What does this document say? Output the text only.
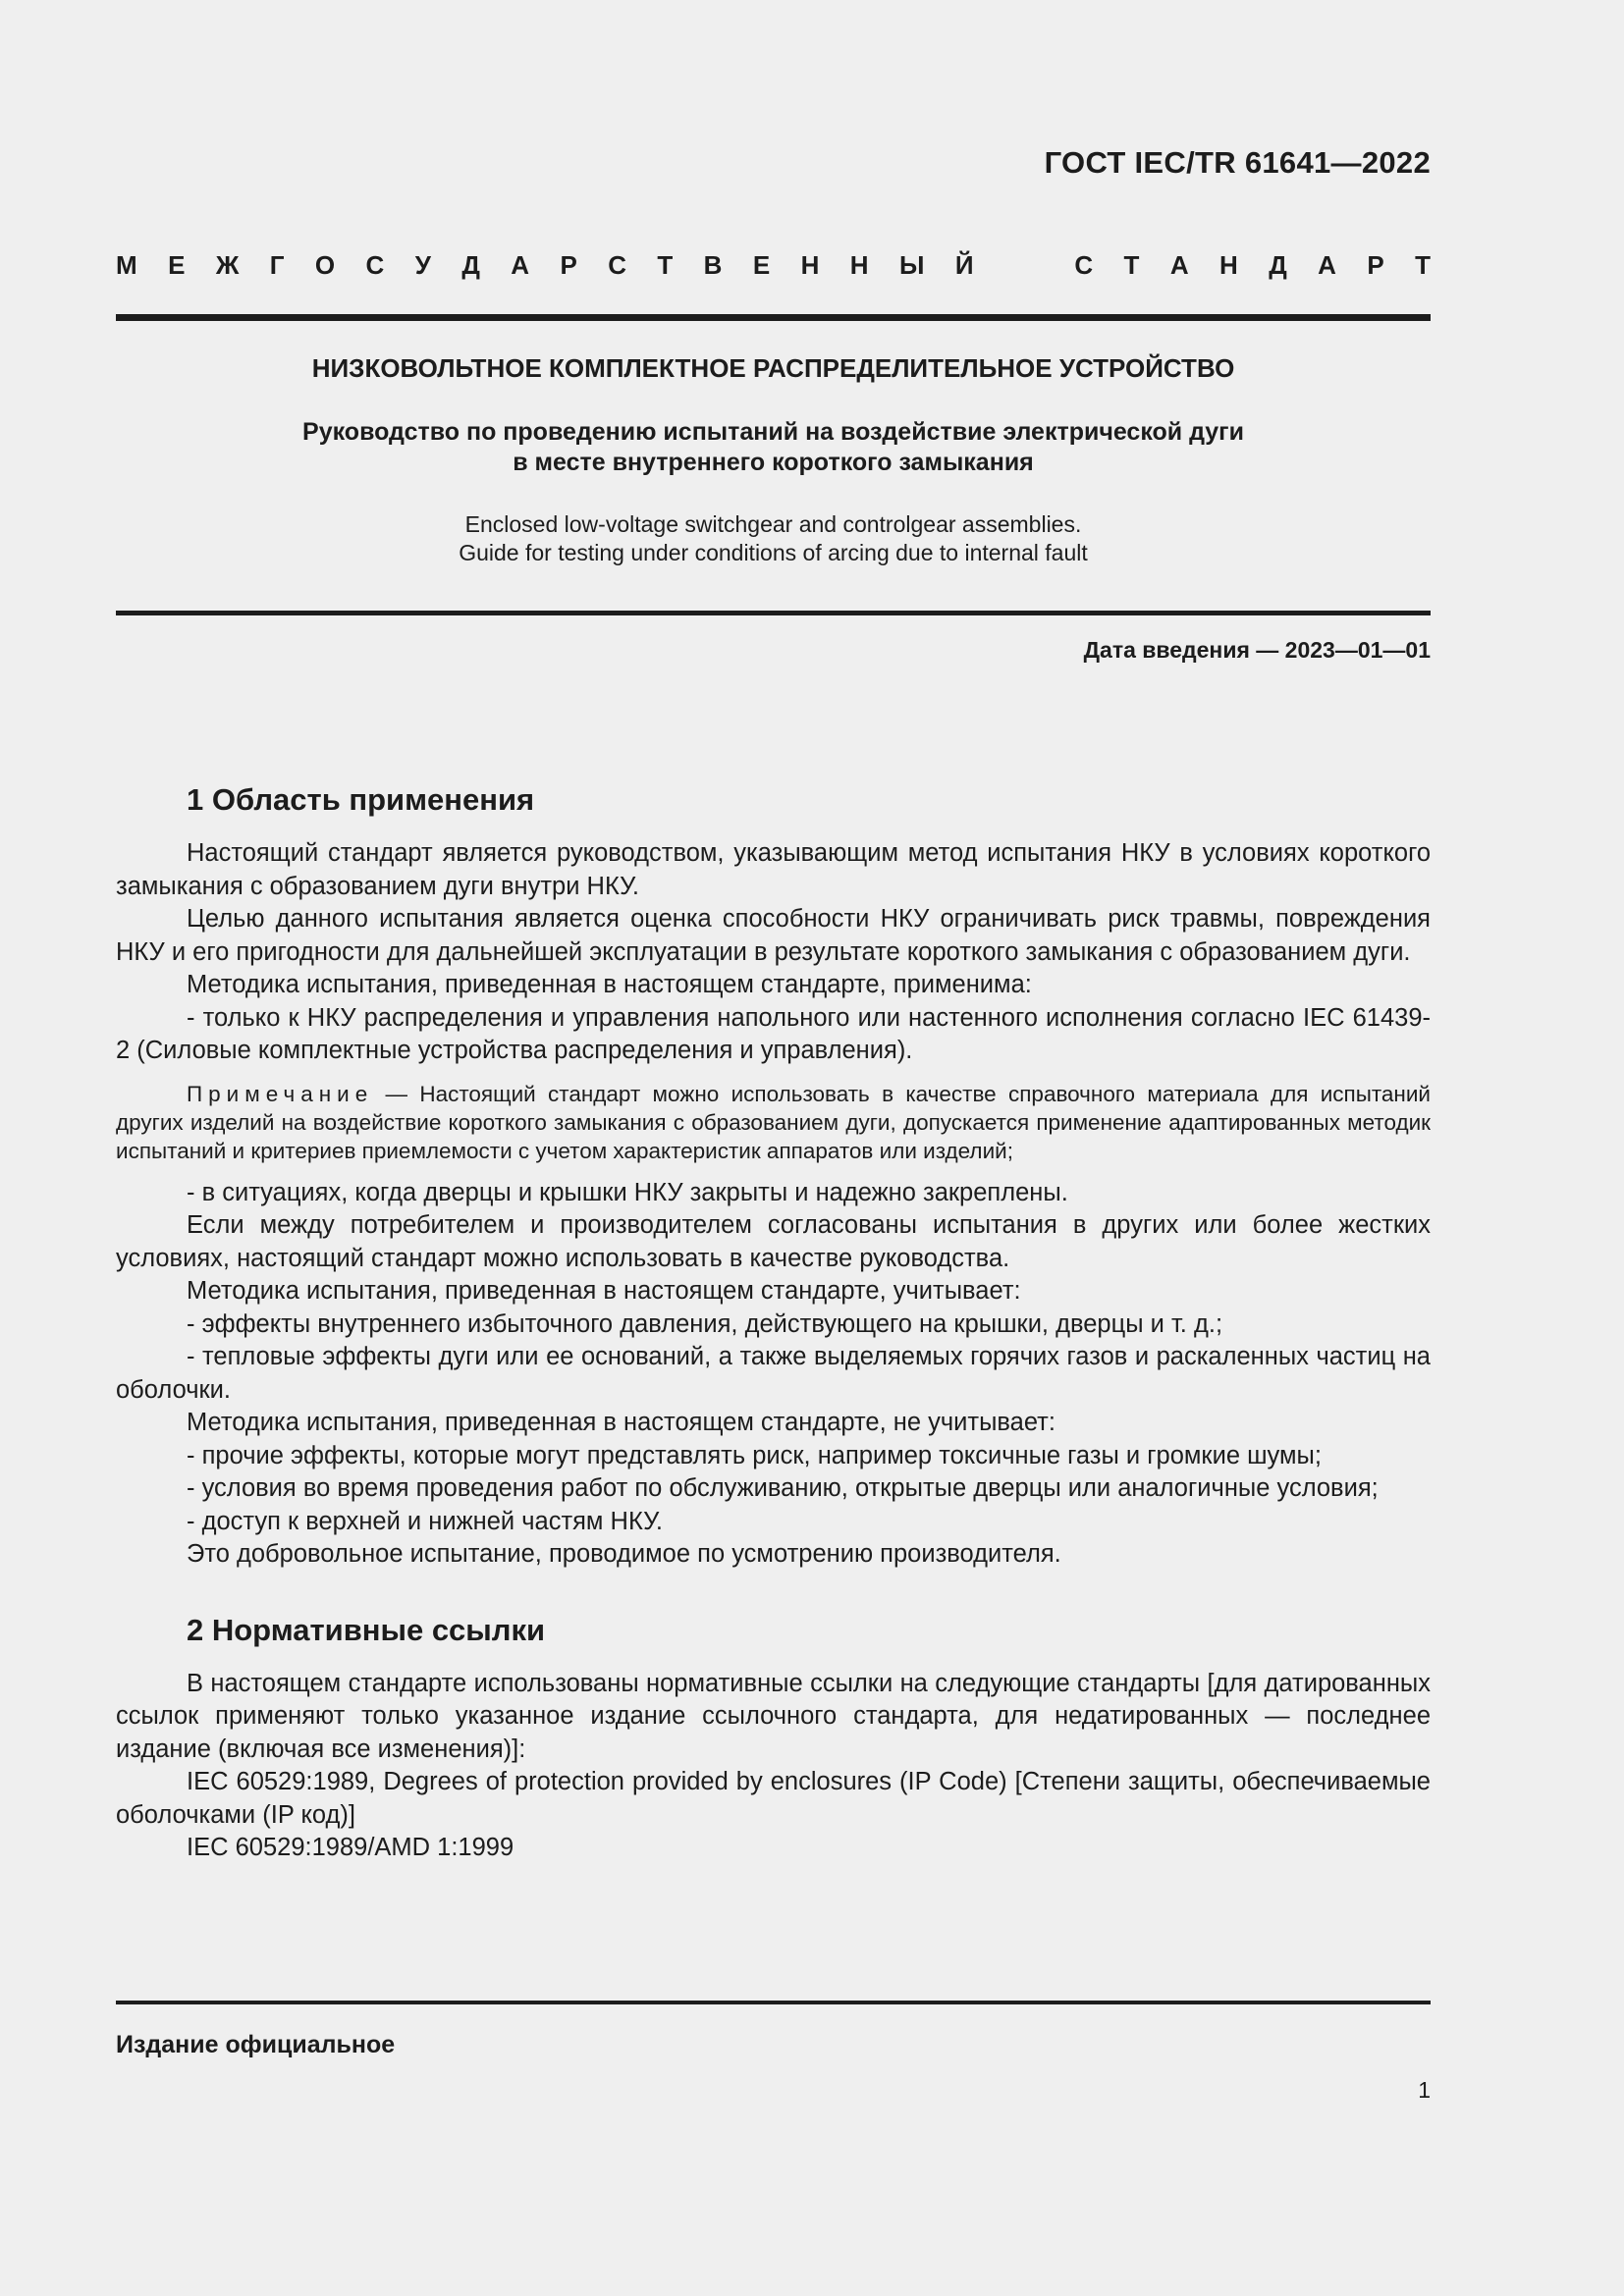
ГОСТ IEC/TR 61641—2022
М Е Ж Г О С У Д А Р С Т В Е Н Н Ы Й	С Т А Н Д А Р Т
НИЗКОВОЛЬТНОЕ КОМПЛЕКТНОЕ РАСПРЕДЕЛИТЕЛЬНОЕ УСТРОЙСТВО
Руководство по проведению испытаний на воздействие электрической дуги
в месте внутреннего короткого замыкания
Enclosed low-voltage switchgear and controlgear assemblies.
Guide for testing under conditions of arcing due to internal fault
Дата введения — 2023—01—01
1 Область применения

Настоящий стандарт является руководством, указывающим метод испытания НКУ в условиях короткого замыкания с образованием дуги внутри НКУ.

Целью данного испытания является оценка способности НКУ ограничивать риск травмы, повреждения НКУ и его пригодности для дальнейшей эксплуатации в результате короткого замыкания с образованием дуги.

Методика испытания, приведенная в настоящем стандарте, применима:

- только к НКУ распределения и управления напольного или настенного исполнения согласно IEC 61439-2 (Силовые комплектные устройства распределения и управления).

Примечание — Настоящий стандарт можно использовать в качестве справочного материала для испытаний других изделий на воздействие короткого замыкания с образованием дуги, допускается применение адаптированных методик испытаний и критериев приемлемости с учетом характеристик аппаратов или изделий;

- в ситуациях, когда дверцы и крышки НКУ закрыты и надежно закреплены.

Если между потребителем и производителем согласованы испытания в других или более жестких условиях, настоящий стандарт можно использовать в качестве руководства.

Методика испытания, приведенная в настоящем стандарте, учитывает:

- эффекты внутреннего избыточного давления, действующего на крышки, дверцы и т. д.;

- тепловые эффекты дуги или ее оснований, а также выделяемых горячих газов и раскаленных частиц на оболочки.

Методика испытания, приведенная в настоящем стандарте, не учитывает:

- прочие эффекты, которые могут представлять риск, например токсичные газы и громкие шумы;

- условия во время проведения работ по обслуживанию, открытые дверцы или аналогичные условия;

- доступ к верхней и нижней частям НКУ.

Это добровольное испытание, проводимое по усмотрению производителя.

2 Нормативные ссылки

В настоящем стандарте использованы нормативные ссылки на следующие стандарты [для датированных ссылок применяют только указанное издание ссылочного стандарта, для недатированных — последнее издание (включая все изменения)]:

IEC 60529:1989, Degrees of protection provided by enclosures (IP Code) [Степени защиты, обеспечиваемые оболочками (IP код)]

IEC 60529:1989/AMD 1:1999

Издание официальное
1
